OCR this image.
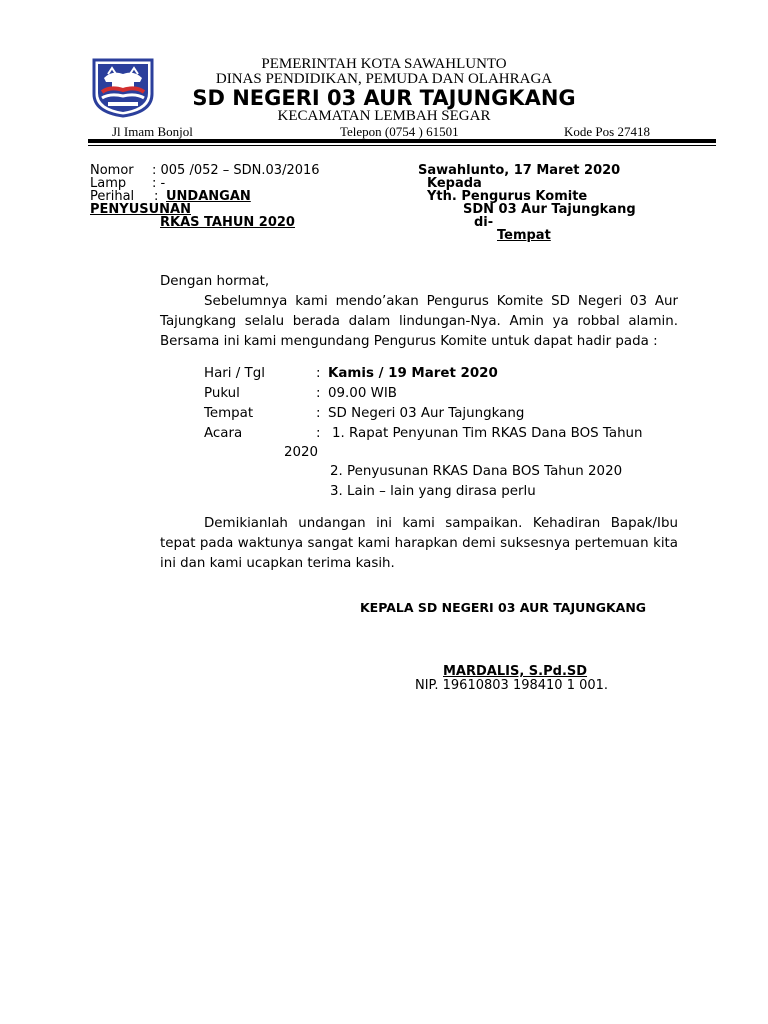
PEMERINTAH KOTA SAWAHLUNTO
DINAS PENDIDIKAN, PEMUDA DAN OLAHRAGA
SD NEGERI 03 AUR TAJUNGKANG
KECAMATAN LEMBAH SEGAR
Jl Imam Bonjol	Telepon (0754 ) 61501	Kode Pos 27418
Nomor : 005 /052 – SDN.03/2016
Lamp : -
Perihal : UNDANGAN
PENYUSUNAN
RKAS TAHUN 2020
Sawahlunto, 17 Maret 2020
Kepada
Yth. Pengurus Komite
SDN 03 Aur Tajungkang
di-
Tempat
Dengan hormat,
Sebelumnya kami mendo’akan Pengurus Komite SD Negeri 03 Aur Tajungkang selalu berada dalam lindungan-Nya. Amin ya robbal alamin. Bersama ini kami mengundang Pengurus Komite untuk dapat hadir pada :
Hari / Tgl	: Kamis / 19 Maret 2020
Pukul	: 09.00 WIB
Tempat	: SD Negeri 03 Aur Tajungkang
Acara	: 1. Rapat Penyunan Tim RKAS Dana BOS Tahun
2020
2. Penyusunan RKAS Dana BOS Tahun 2020
3. Lain – lain yang dirasa perlu
Demikianlah undangan ini kami sampaikan. Kehadiran Bapak/Ibu tepat pada waktunya sangat kami harapkan demi suksesnya pertemuan kita ini dan kami ucapkan terima kasih.
KEPALA SD NEGERI 03 AUR TAJUNGKANG
MARDALIS, S.Pd.SD
NIP. 19610803 198410 1 001.
